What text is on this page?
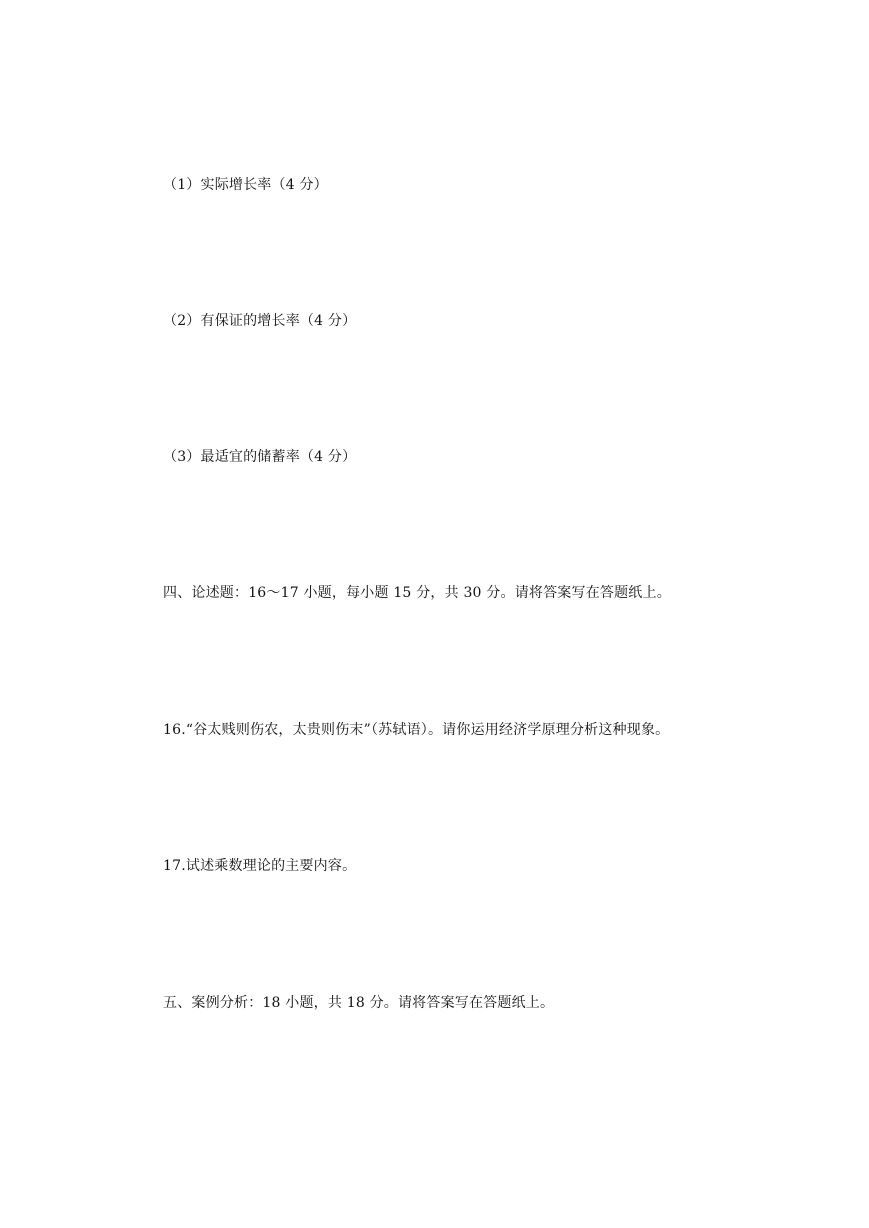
（1）实际增长率（4 分）

（2）有保证的增长率（4 分）

（3）最适宜的储蓄率（4 分）

四、论述题：16～17 小题，每小题 15 分，共 30 分。请将答案写在答题纸上。

16.“谷太贱则伤农，太贵则伤末”（苏轼语）。请你运用经济学原理分析这种现象。

17.试述乘数理论的主要内容。

五、案例分析：18 小题，共 18 分。请将答案写在答题纸上。
